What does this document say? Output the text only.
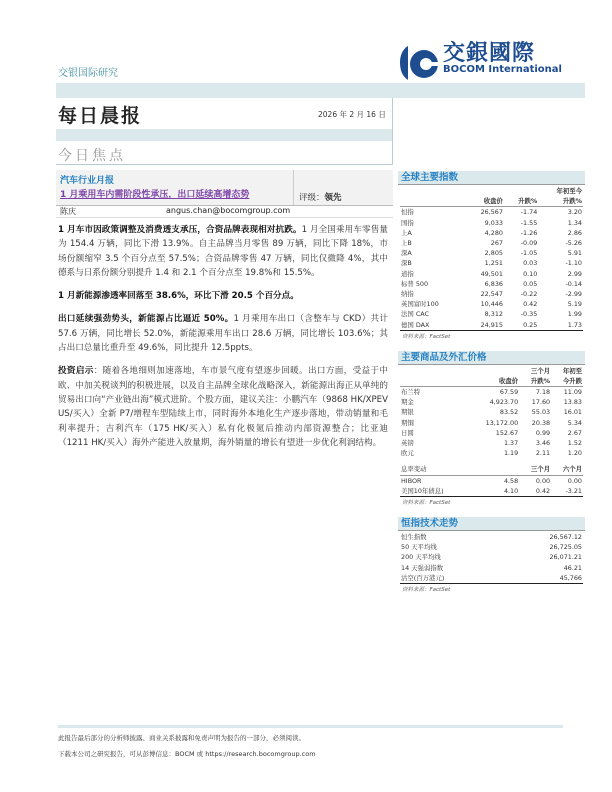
交银国际研究
交銀國際
BOCOM International
每日晨报	2026 年 2 月 16 日
今日焦点
汽车行业月报
1 月乘用车内需阶段性承压，出口延续高增态势	评级：领先
陈庆	angus.chan@bocomgroup.com

1 月车市因政策调整及消费透支承压，合资品牌表现相对抗跌。1 月全国乘用车零售量为 154.4 万辆，同比下滑 13.9%。自主品牌当月零售 89 万辆，同比下降 18%，市场份额缩窄 3.5 个百分点至 57.5%；合资品牌零售 47 万辆，同比仅微降 4%，其中德系与日系份额分别提升 1.4 和 2.1 个百分点至 19.8%和 15.5%。

1 月新能源渗透率回落至 38.6%，环比下滑 20.5 个百分点。

出口延续强劲势头，新能源占比逼近 50%。1 月乘用车出口（含整车与 CKD）共计 57.6 万辆，同比增长 52.0%，新能源乘用车出口 28.6 万辆，同比增长 103.6%；其占出口总量比重升至 49.6%，同比提升 12.5ppts。

投资启示：随着各地细则加速落地，车市景气度有望逐步回暖。出口方面，受益于中欧、中加关税谈判的积极进展，以及自主品牌全球化战略深入，新能源出海正从单纯的贸易出口向“产业链出海”模式进阶。个股方面，建议关注：小鹏汽车（9868 HK/XPEV US/买入）全新 P7/增程车型陆续上市，同时海外本地化生产逐步落地，带动销量和毛利率提升；吉利汽车（175 HK/买入）私有化极氪后推动内部资源整合；比亚迪（1211 HK/买入）海外产能进入放量期，海外销量的增长有望进一步优化利润结构。

全球主要指数
			年初至今
	收盘价	升跌%	升跌%
恒指	26,567	-1.74	3.20
国指	9,033	-1.55	1.34
上A	4,280	-1.26	2.86
上B	267	-0.09	-5.26
深A	2,805	-1.05	5.91
深B	1,251	0.03	-1.10
道指	49,501	0.10	2.99
标普 500	6,836	0.05	-0.14
纳指	22,547	-0.22	-2.99
英国富时100	10,446	0.42	5.19
法国 CAC	8,312	-0.35	1.99
德国 DAX	24,915	0.25	1.73
资料来源：FactSet
主要商品及外汇价格
		三个月	年初至
	收盘价	升跌%	今升跌
布兰特	67.59	7.18	11.09
期金	4,923.70	17.60	13.83
期银	83.52	55.03	16.01
期铜	13,172.00	20.38	5.34
日圆	152.67	0.99	2.67
英镑	1.37	3.46	1.52
欧元	1.19	2.11	1.20

息率变动		三个月	六个月
HIBOR	4.58	0.00	0.00
美国10年债息)	4.10	0.42	-3.21
资料来源：FactSet
恒指技术走势
恒生指数	26,567.12
50 天平均线	26,725.05
200 天平均线	26,071.21
14 天强弱指数	46.21
沽空(百万港元)	45,766
资料来源：FactSet
此报告最后部分的分析师披露、商业关系披露和免责声明为报告的一部分，必须阅读。
下载本公司之研究报告，可从彭博信息：BOCM 或 https://research.bocomgroup.com
